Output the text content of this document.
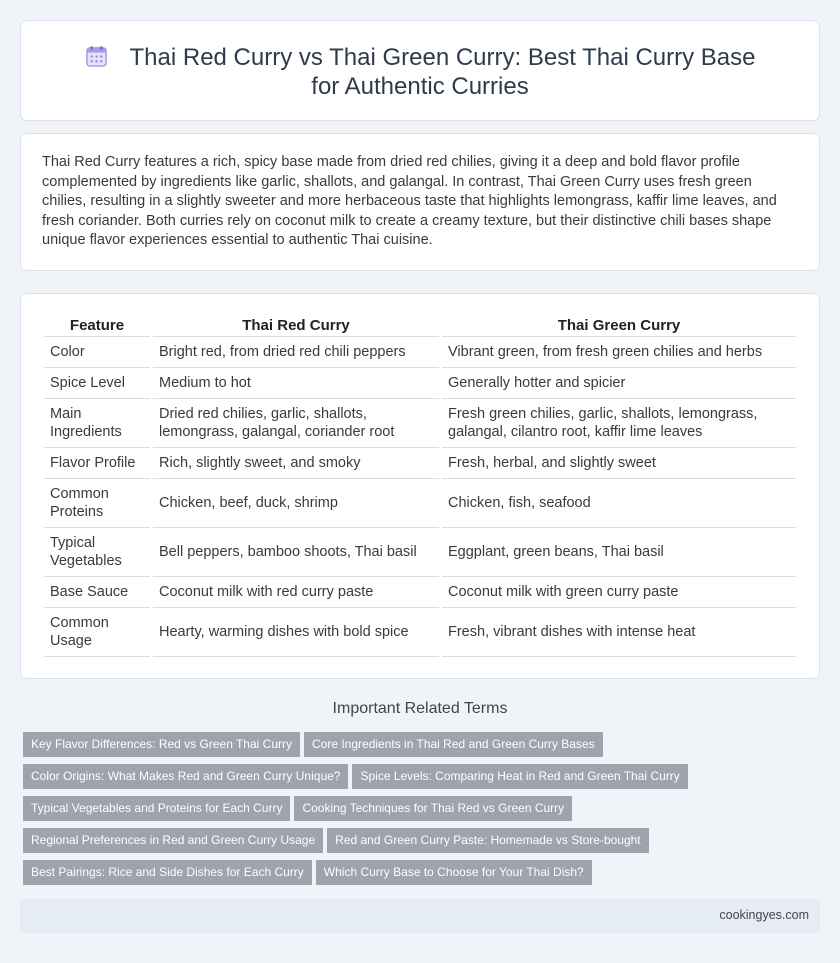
Thai Red Curry vs Thai Green Curry: Best Thai Curry Base for Authentic Curries

Thai Red Curry features a rich, spicy base made from dried red chilies, giving it a deep and bold flavor profile complemented by ingredients like garlic, shallots, and galangal. In contrast, Thai Green Curry uses fresh green chilies, resulting in a slightly sweeter and more herbaceous taste that highlights lemongrass, kaffir lime leaves, and fresh coriander. Both curries rely on coconut milk to create a creamy texture, but their distinctive chili bases shape unique flavor experiences essential to authentic Thai cuisine.

Feature	Thai Red Curry	Thai Green Curry
Color	Bright red, from dried red chili peppers	Vibrant green, from fresh green chilies and herbs
Spice Level	Medium to hot	Generally hotter and spicier
Main Ingredients	Dried red chilies, garlic, shallots, lemongrass, galangal, coriander root	Fresh green chilies, garlic, shallots, lemongrass, galangal, cilantro root, kaffir lime leaves
Flavor Profile	Rich, slightly sweet, and smoky	Fresh, herbal, and slightly sweet
Common Proteins	Chicken, beef, duck, shrimp	Chicken, fish, seafood
Typical Vegetables	Bell peppers, bamboo shoots, Thai basil	Eggplant, green beans, Thai basil
Base Sauce	Coconut milk with red curry paste	Coconut milk with green curry paste
Common Usage	Hearty, warming dishes with bold spice	Fresh, vibrant dishes with intense heat
Important Related Terms
Key Flavor Differences: Red vs Green Thai Curry Core Ingredients in Thai Red and Green Curry Bases
Color Origins: What Makes Red and Green Curry Unique? Spice Levels: Comparing Heat in Red and Green Thai Curry
Typical Vegetables and Proteins for Each Curry Cooking Techniques for Thai Red vs Green Curry
Regional Preferences in Red and Green Curry Usage Red and Green Curry Paste: Homemade vs Store-bought
Best Pairings: Rice and Side Dishes for Each Curry Which Curry Base to Choose for Your Thai Dish?
cookingyes.com
